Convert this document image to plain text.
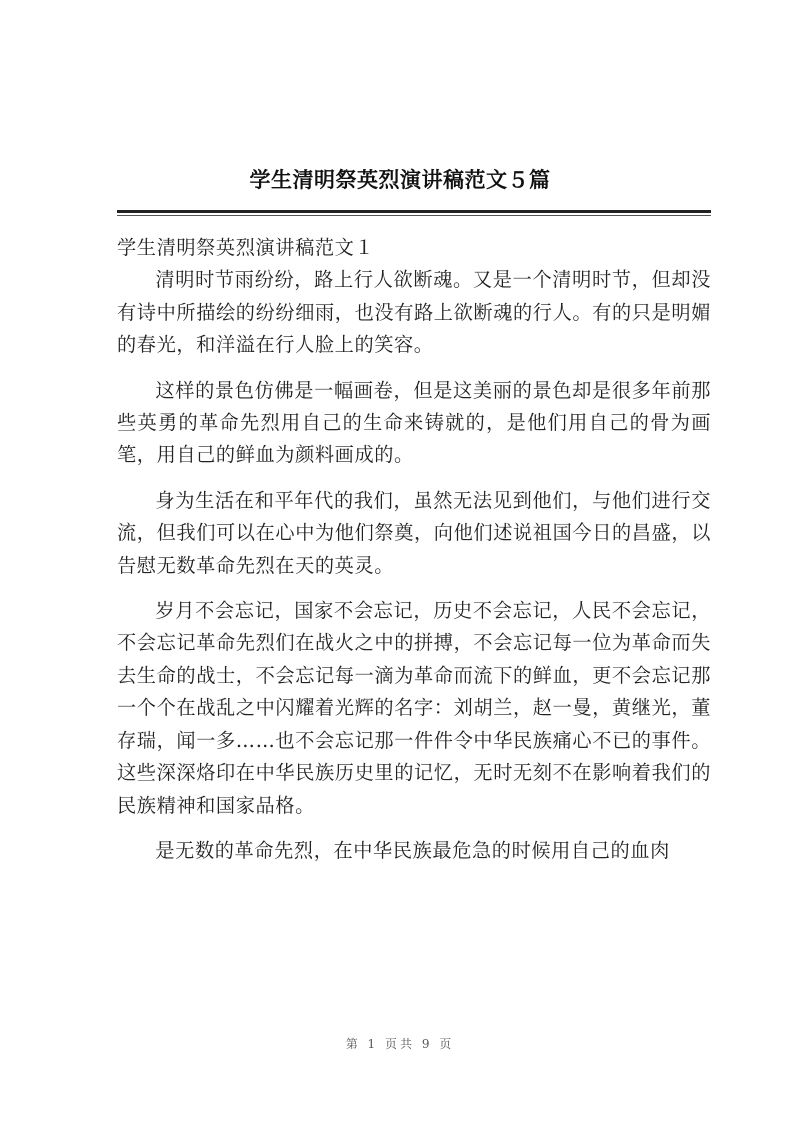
学生清明祭英烈演讲稿范文５篇

学生清明祭英烈演讲稿范文１

清明时节雨纷纷，路上行人欲断魂。又是一个清明时节，但却没有诗中所描绘的纷纷细雨，也没有路上欲断魂的行人。有的只是明媚的春光，和洋溢在行人脸上的笑容。

这样的景色仿佛是一幅画卷，但是这美丽的景色却是很多年前那些英勇的革命先烈用自己的生命来铸就的，是他们用自己的骨为画笔，用自己的鲜血为颜料画成的。

身为生活在和平年代的我们，虽然无法见到他们，与他们进行交流，但我们可以在心中为他们祭奠，向他们述说祖国今日的昌盛，以告慰无数革命先烈在天的英灵。

岁月不会忘记，国家不会忘记，历史不会忘记，人民不会忘记，不会忘记革命先烈们在战火之中的拼搏，不会忘记每一位为革命而失去生命的战士，不会忘记每一滴为革命而流下的鲜血，更不会忘记那一个个在战乱之中闪耀着光辉的名字：刘胡兰，赵一曼，黄继光，董存瑞，闻一多……也不会忘记那一件件令中华民族痛心不已的事件。这些深深烙印在中华民族历史里的记忆，无时无刻不在影响着我们的民族精神和国家品格。

是无数的革命先烈，在中华民族最危急的时候用自己的血肉

第 1 页共 9 页
